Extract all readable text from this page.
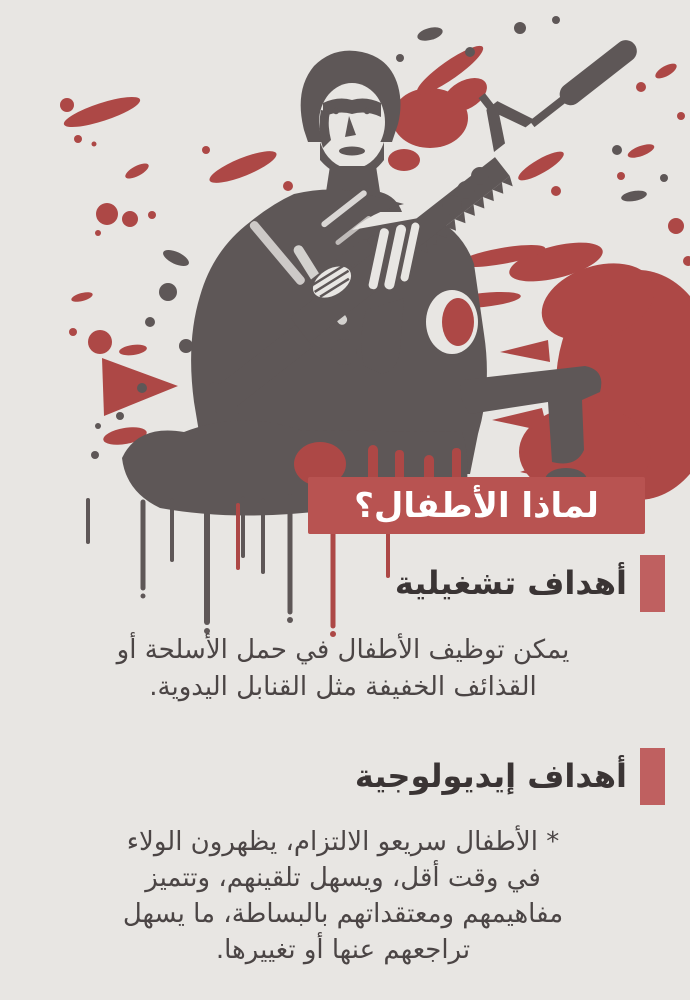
لماذا الأطفال؟
أهداف تشغيلية
يمكن توظيف الأطفال في حمل الأسلحة أو
القذائف الخفيفة مثل القنابل اليدوية.
أهداف إيديولوجية
* الأطفال سريعو الالتزام، يظهرون الولاء
في وقت أقل، ويسهل تلقينهم، وتتميز
مفاهيمهم ومعتقداتهم بالبساطة، ما يسهل
تراجعهم عنها أو تغييرها.
